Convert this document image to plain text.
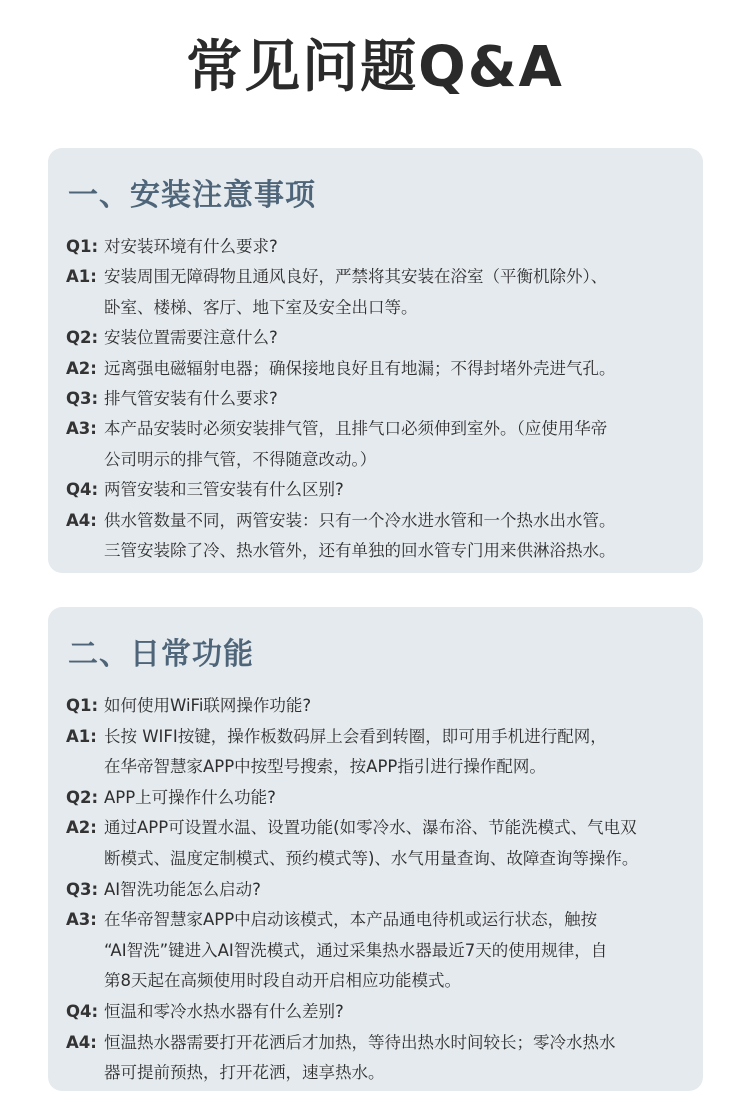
常见问题Q&A
一、安装注意事项
Q1: 对安装环境有什么要求?
A1: 安装周围无障碍物且通风良好，严禁将其安装在浴室（平衡机除外）、
卧室、楼梯、客厅、地下室及安全出口等。
Q2: 安装位置需要注意什么?
A2: 远离强电磁辐射电器；确保接地良好且有地漏；不得封堵外壳进气孔。
Q3: 排气管安装有什么要求?
A3: 本产品安装时必须安装排气管，且排气口必须伸到室外。（应使用华帝
公司明示的排气管，不得随意改动。）
Q4: 两管安装和三管安装有什么区别?
A4: 供水管数量不同，两管安装：只有一个冷水进水管和一个热水出水管。
三管安装除了冷、热水管外，还有单独的回水管专门用来供淋浴热水。
二、日常功能
Q1: 如何使用WiFi联网操作功能?
A1: 长按 WIFI按键，操作板数码屏上会看到转圈，即可用手机进行配网，
在华帝智慧家APP中按型号搜索，按APP指引进行操作配网。
Q2: APP上可操作什么功能?
A2: 通过APP可设置水温、设置功能(如零冷水、瀑布浴、节能洗模式、气电双
断模式、温度定制模式、预约模式等)、水气用量查询、故障查询等操作。
Q3: AI智洗功能怎么启动?
A3: 在华帝智慧家APP中启动该模式，本产品通电待机或运行状态，触按
“AI智洗”键进入AI智洗模式，通过采集热水器最近7天的使用规律，自
第8天起在高频使用时段自动开启相应功能模式。
Q4: 恒温和零冷水热水器有什么差别?
A4: 恒温热水器需要打开花洒后才加热，等待出热水时间较长；零冷水热水
器可提前预热，打开花洒，速享热水。
